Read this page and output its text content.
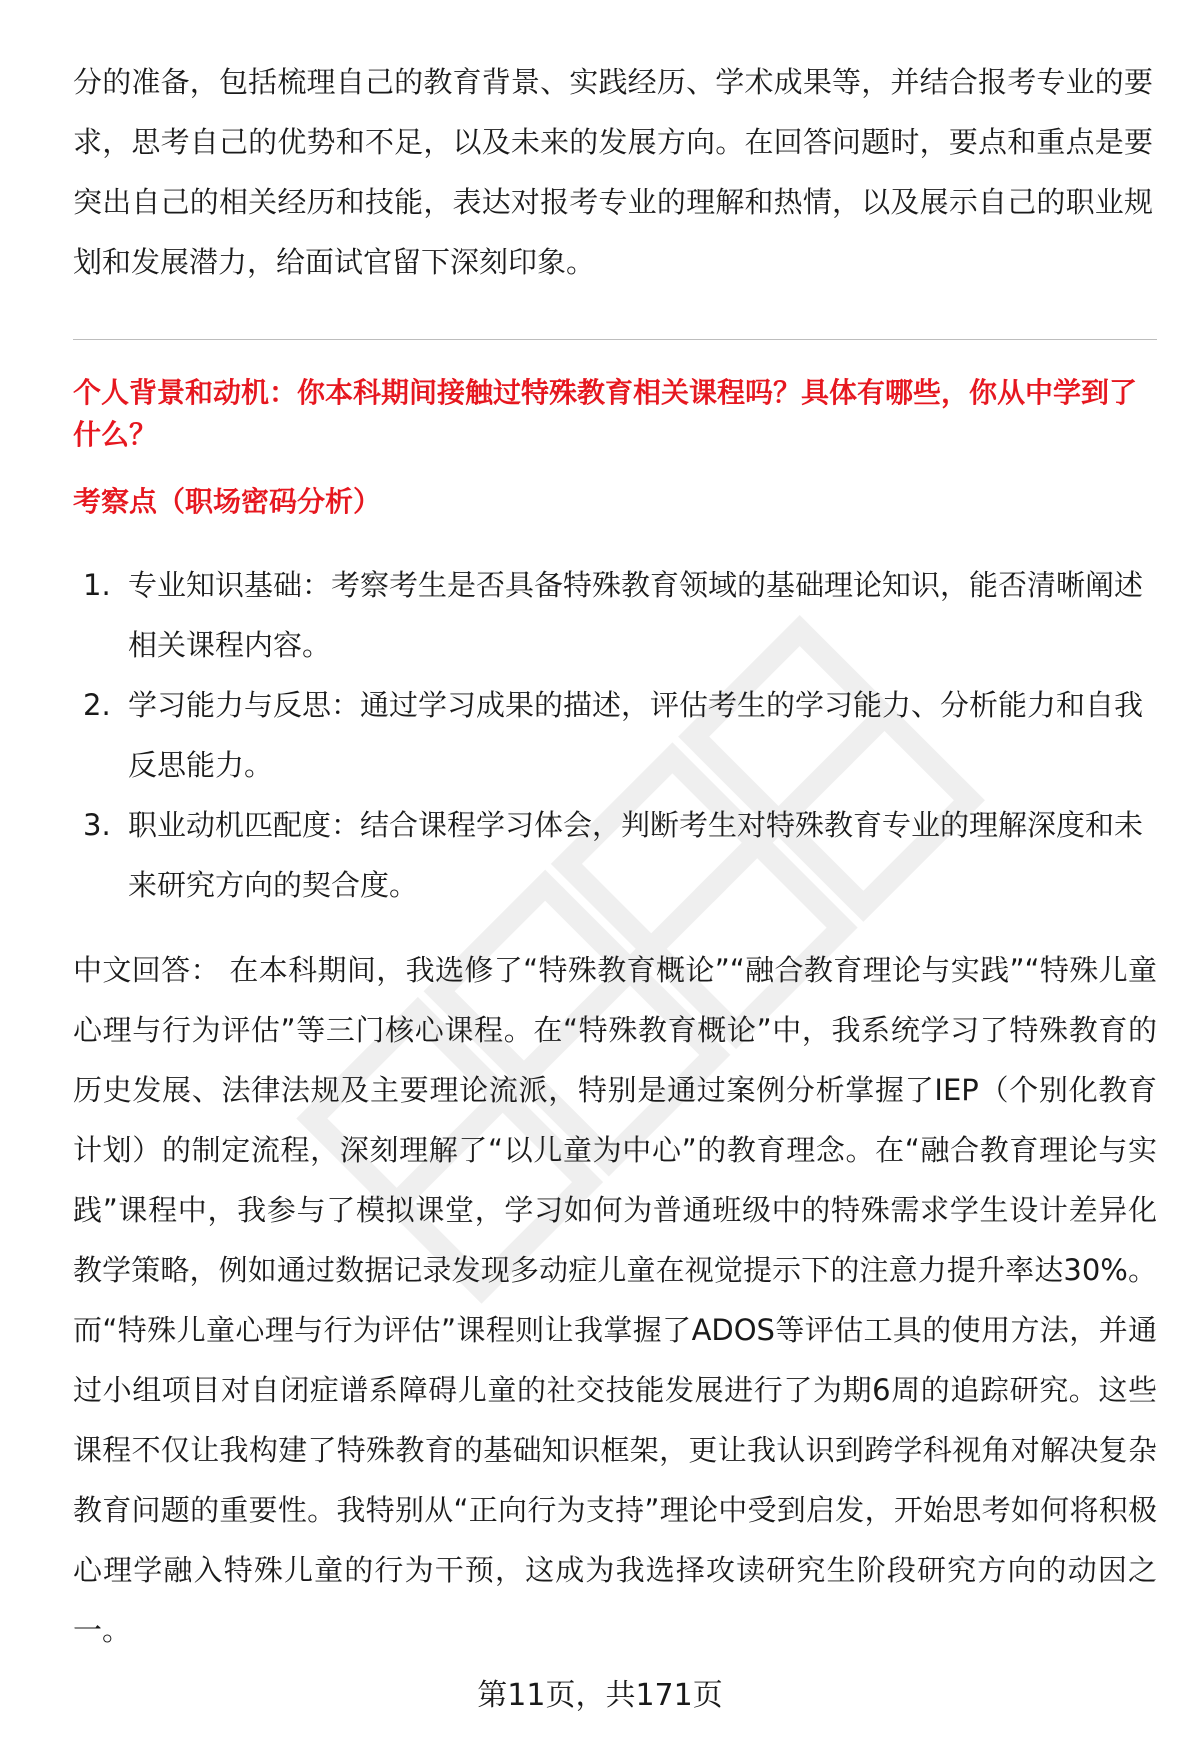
分的准备，包括梳理自己的教育背景、实践经历、学术成果等，并结合报考专业的要求，思考自己的优势和不足，以及未来的发展方向。在回答问题时，要点和重点是要突出自己的相关经历和技能，表达对报考专业的理解和热情，以及展示自己的职业规划和发展潜力，给面试官留下深刻印象。

个人背景和动机：你本科期间接触过特殊教育相关课程吗？具体有哪些，你从中学到了什么？

考察点（职场密码分析）

1. 专业知识基础：考察考生是否具备特殊教育领域的基础理论知识，能否清晰阐述相关课程内容。
2. 学习能力与反思：通过学习成果的描述，评估考生的学习能力、分析能力和自我反思能力。
3. 职业动机匹配度：结合课程学习体会，判断考生对特殊教育专业的理解深度和未来研究方向的契合度。

中文回答： 在本科期间，我选修了“特殊教育概论”“融合教育理论与实践”“特殊儿童心理与行为评估”等三门核心课程。在“特殊教育概论”中，我系统学习了特殊教育的历史发展、法律法规及主要理论流派，特别是通过案例分析掌握了IEP（个别化教育计划）的制定流程，深刻理解了“以儿童为中心”的教育理念。在“融合教育理论与实践”课程中，我参与了模拟课堂，学习如何为普通班级中的特殊需求学生设计差异化教学策略，例如通过数据记录发现多动症儿童在视觉提示下的注意力提升率达30%。而“特殊儿童心理与行为评估”课程则让我掌握了ADOS等评估工具的使用方法，并通过小组项目对自闭症谱系障碍儿童的社交技能发展进行了为期6周的追踪研究。这些课程不仅让我构建了特殊教育的基础知识框架，更让我认识到跨学科视角对解决复杂教育问题的重要性。我特别从“正向行为支持”理论中受到启发，开始思考如何将积极心理学融入特殊儿童的行为干预，这成为我选择攻读研究生阶段研究方向的动因之一。

第11页，共171页
